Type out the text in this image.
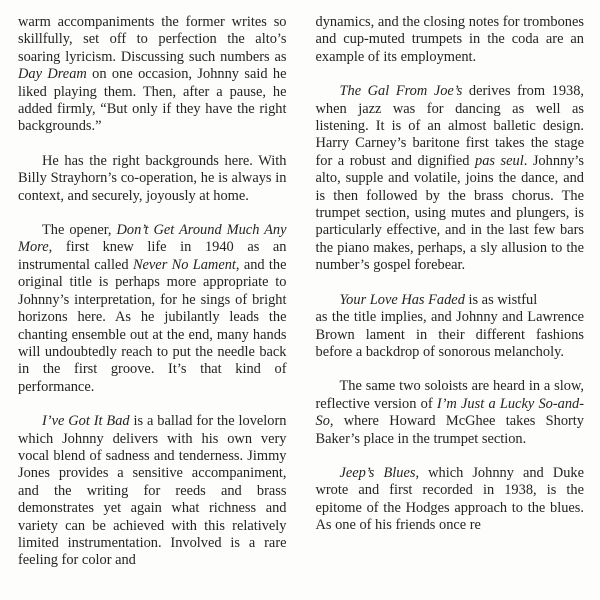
warm accompaniments the former writes so skillfully, set off to perfection the alto’s soaring lyricism. Discussing such numbers as Day Dream on one occasion, Johnny said he liked playing them. Then, after a pause, he added firmly, “But only if they have the right backgrounds.”

He has the right backgrounds here. With Billy Strayhorn’s co-operation, he is always in context, and securely, joyously at home.

The opener, Don’t Get Around Much Any More, first knew life in 1940 as an instrumental called Never No Lament, and the original title is perhaps more appropriate to Johnny’s interpretation, for he sings of bright horizons here. As he jubilantly leads the chanting ensemble out at the end, many hands will undoubtedly reach to put the needle back in the first groove. It’s that kind of performance.

I’ve Got It Bad is a ballad for the lovelorn which Johnny delivers with his own very vocal blend of sadness and tenderness. Jimmy Jones provides a sensitive accompaniment, and the writing for reeds and brass demonstrates yet again what richness and variety can be achieved with this relatively limited instrumentation. Involved is a rare feeling for color and

dynamics, and the closing notes for trombones and cup-muted trumpets in the coda are an example of its employment.

The Gal From Joe’s derives from 1938, when jazz was for dancing as well as listening. It is of an almost balletic design. Harry Carney’s baritone first takes the stage for a robust and dignified pas seul. Johnny’s alto, supple and volatile, joins the dance, and is then followed by the brass chorus. The trumpet section, using mutes and plungers, is particularly effective, and in the last few bars the piano makes, perhaps, a sly allusion to the number’s gospel forebear.

Your Love Has Faded is as wistful
as the title implies, and Johnny and Lawrence Brown lament in their different fashions before a backdrop of sonorous melancholy.

The same two soloists are heard in a slow, reflective version of I’m Just a Lucky So-and-So, where Howard McGhee takes Shorty Baker’s place in the trumpet section.

Jeep’s Blues, which Johnny and Duke wrote and first recorded in 1938, is the epitome of the Hodges approach to the blues. As one of his friends once re
